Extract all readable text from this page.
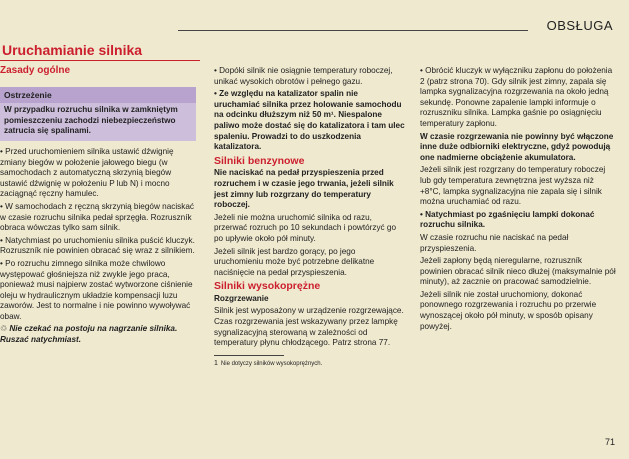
OBSŁUGA
Uruchamianie silnika
Zasady ogólne
Ostrzeżenie
W przypadku rozruchu silnika w zamkniętym pomieszczeniu zachodzi niebezpieczeństwo zatrucia się spalinami.

• Przed uruchomieniem silnika ustawić dźwignię zmiany biegów w położenie jałowego biegu (w samochodach z automatyczną skrzynią biegów ustawić dźwignię w położeniu P lub N) i mocno zaciągnąć ręczny hamulec.

• W samochodach z ręczną skrzynią biegów naciskać w czasie rozruchu silnika pedał sprzęgła. Rozruszník obraca wówczas tylko sam silnik.

• Natychmiast po uruchomieniu silnika puścić kluczyk. Rozruszník nie powinien obracać się wraz z silnikiem.

• Po rozruchu zimnego silnika może chwilowo występować głośniejsza niż zwykle jego praca, ponieważ musi najpierw zostać wytworzone ciśnienie oleju w hydraulicznym układzie kompensacji luzu zaworów. Jest to normalne i nie powinno wywoływać obaw.

♲ Nie czekać na postoju na nagrzanie silnika. Ruszać natychmiast.

• Dopóki silnik nie osiągnie temperatury roboczej, unikać wysokich obrotów i pełnego gazu.

• Ze względu na katalizator spalin nie uruchamiać silnika przez holowanie samochodu na odcinku dłuższym niż 50 m¹. Niespalone paliwo może dostać się do katalizatora i tam ulec spaleniu. Prowadzi to do uszkodzenia katalizatora.

Silniki benzynowe

Nie naciskać na pedał przyspieszenia przed rozruchem i w czasie jego trwania, jeżeli silnik jest zimny lub rozgrzany do temperatury roboczej.

Jeżeli nie można uruchomić silnika od razu, przerwać rozruch po 10 sekundach i powtórzyć go po upływie około pół minuty.

Jeżeli silnik jest bardzo gorący, po jego uruchomieniu może być potrzebne delikatne naciśnięcie na pedał przyspieszenia.

Silniki wysokoprężne

Rozgrzewanie

Silnik jest wyposażony w urządzenie rozgrzewające. Czas rozgrzewania jest wskazywany przez lampkę sygnalizacyjną sterowaną w zależności od temperatury płynu chłodzącego. Patrz strona 77.

1 Nie dotyczy silników wysokoprężnych.

• Obrócić kluczyk w wyłączniku zapłonu do położenia 2 (patrz strona 70). Gdy silnik jest zimny, zapala się lampka sygnalizacyjna rozgrzewania na około jedną sekundę. Ponowne zapalenie lampki informuje o rozruszniku silnika. Lampka gaśnie po osiągnięciu temperatury zapłonu.

W czasie rozgrzewania nie powinny być włączone inne duże odbiorniki elektryczne, gdyż powodują one nadmierne obciążenie akumulatora.

Jeżeli silnik jest rozgrzany do temperatury roboczej lub gdy temperatura zewnętrzna jest wyższa niż +8°C, lampka sygnalizacyjna nie zapala się i silnik można uruchamiać od razu.

• Natychmiast po zgaśnięciu lampki dokonać rozruchu silnika.

W czasie rozruchu nie naciskać na pedał przyspieszenia.

Jeżeli zapłony będą nieregularne, rozruszník powinien obracać silnik nieco dłużej (maksymalnie pół minuty), aż zacznie on pracować samodzielnie.

Jeżeli silnik nie został uruchomiony, dokonać ponownego rozgrzewania i rozruchu po przerwie wynoszącej około pół minuty, w sposób opisany powyżej.

71
